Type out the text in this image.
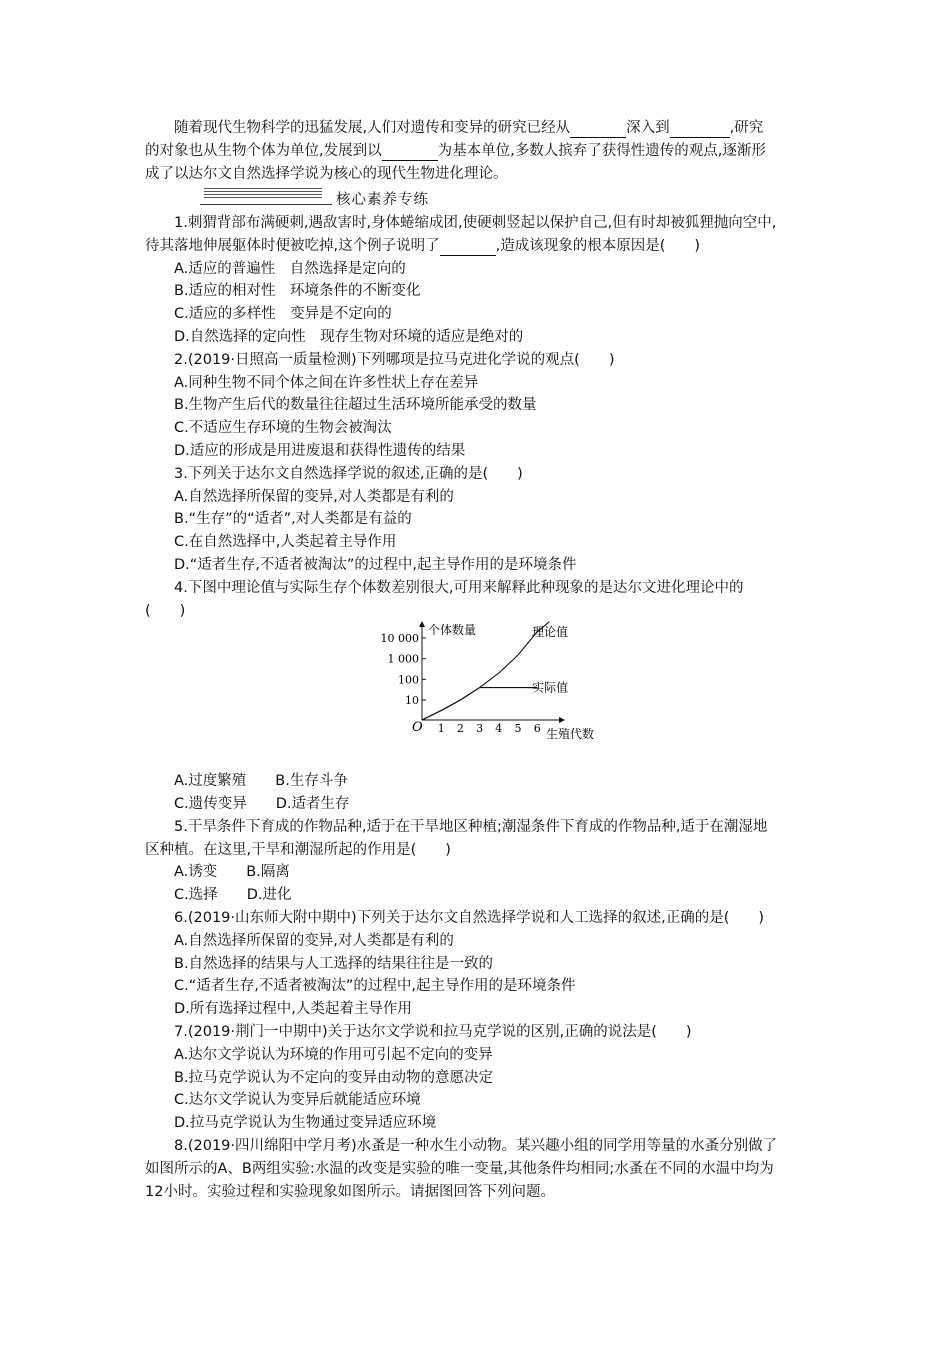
随着现代生物科学的迅猛发展,人们对遗传和变异的研究已经从	深入到	,研究
的对象也从生物个体为单位,发展到以	为基本单位,多数人摈弃了获得性遗传的观点,逐渐形
成了以达尔文自然选择学说为核心的现代生物进化理论。
核心素养专练
1.刺猬背部布满硬刺,遇敌害时,身体蜷缩成团,使硬刺竖起以保护自己,但有时却被狐狸抛向空中,
待其落地伸展躯体时便被吃掉,这个例子说明了	,造成该现象的根本原因是(　　)
A.适应的普遍性　自然选择是定向的
B.适应的相对性　环境条件的不断变化
C.适应的多样性　变异是不定向的
D.自然选择的定向性　现存生物对环境的适应是绝对的
2.(2019·日照高一质量检测)下列哪项是拉马克进化学说的观点(　　)
A.同种生物不同个体之间在许多性状上存在差异
B.生物产生后代的数量往往超过生活环境所能承受的数量
C.不适应生存环境的生物会被淘汰
D.适应的形成是用进废退和获得性遗传的结果
3.下列关于达尔文自然选择学说的叙述,正确的是(　　)
A.自然选择所保留的变异,对人类都是有利的
B.“生存”的“适者”,对人类都是有益的
C.在自然选择中,人类起着主导作用
D.“适者生存,不适者被淘汰”的过程中,起主导作用的是环境条件
4.下图中理论值与实际生存个体数差别很大,可用来解释此种现象的是达尔文进化理论中的
(　　)
个体数量
生殖代数
O
10 000
1 000
100
10
1 2 3 4 5 6
理论值
实际值
A.过度繁殖　　B.生存斗争
C.遗传变异　　D.适者生存
5.干旱条件下育成的作物品种,适于在干旱地区种植;潮湿条件下育成的作物品种,适于在潮湿地
区种植。在这里,干旱和潮湿所起的作用是(　　)
A.诱变　　B.隔离
C.选择　　D.进化
6.(2019·山东师大附中期中)下列关于达尔文自然选择学说和人工选择的叙述,正确的是(　　)
A.自然选择所保留的变异,对人类都是有利的
B.自然选择的结果与人工选择的结果往往是一致的
C.“适者生存,不适者被淘汰”的过程中,起主导作用的是环境条件
D.所有选择过程中,人类起着主导作用
7.(2019·荆门一中期中)关于达尔文学说和拉马克学说的区别,正确的说法是(　　)
A.达尔文学说认为环境的作用可引起不定向的变异
B.拉马克学说认为不定向的变异由动物的意愿决定
C.达尔文学说认为变异后就能适应环境
D.拉马克学说认为生物通过变异适应环境
8.(2019·四川绵阳中学月考)水蚤是一种水生小动物。某兴趣小组的同学用等量的水蚤分别做了
如图所示的A、B两组实验:水温的改变是实验的唯一变量,其他条件均相同;水蚤在不同的水温中均为
12小时。实验过程和实验现象如图所示。请据图回答下列问题。
